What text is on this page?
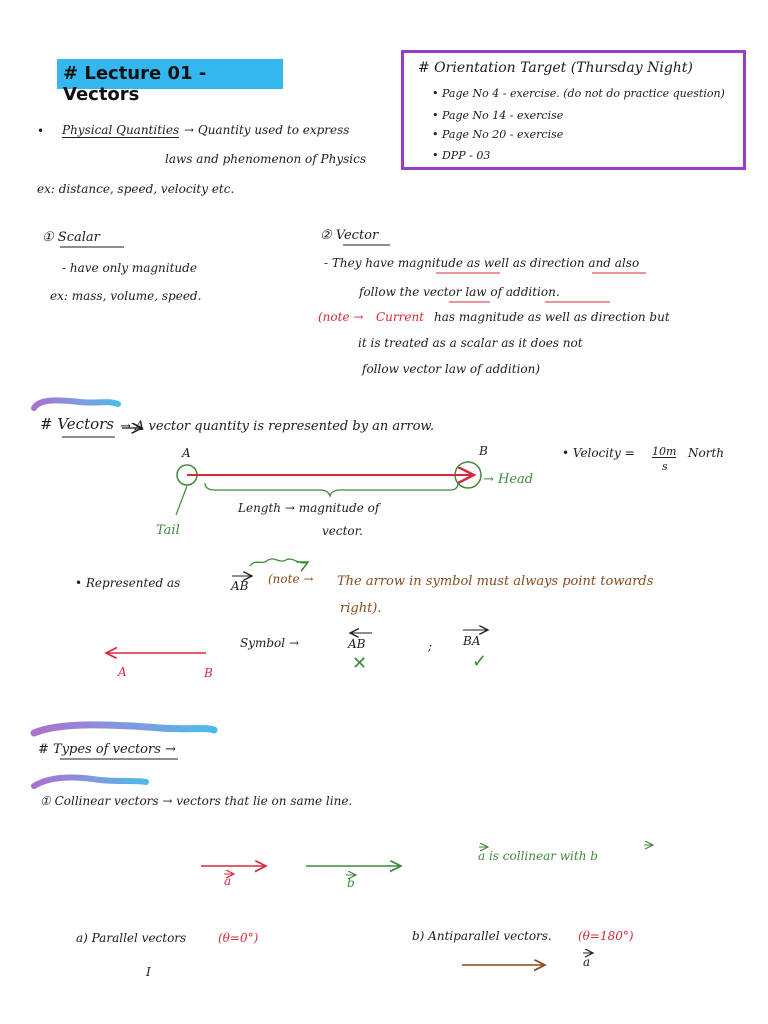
# Lecture 01 - Vectors
# Orientation Target (Thursday Night)
• Page No 4 - exercise. (do not do practice question)
• Page No 14 - exercise
• Page No 20 - exercise
• DPP - 03
• Physical Quantities → Quantity used to express
laws and phenomenon of Physics
ex: distance, speed, velocity etc.
① Scalar
- have only magnitude
ex: mass, volume, speed.
② Vector
- They have magnitude as well as direction and also
follow the vector law of addition.
(note → Current has magnitude as well as direction but
it is treated as a scalar as it does not
follow vector law of addition)
# Vectors → A vector quantity is represented by an arrow.
A	B
→ Head
Tail
Length → magnitude of
vector.
• Velocity = 10m
s
North
• Represented as	AB (note → The arrow in symbol must always point towards
right).
Symbol →	AB	;	BA
✕	✓
A	B
# Types of vectors →
① Collinear vectors → vectors that lie on same line.
a	b
a is collinear with b
a) Parallel vectors	(θ=0°)	b) Antiparallel vectors. (θ=180°)
a
I
